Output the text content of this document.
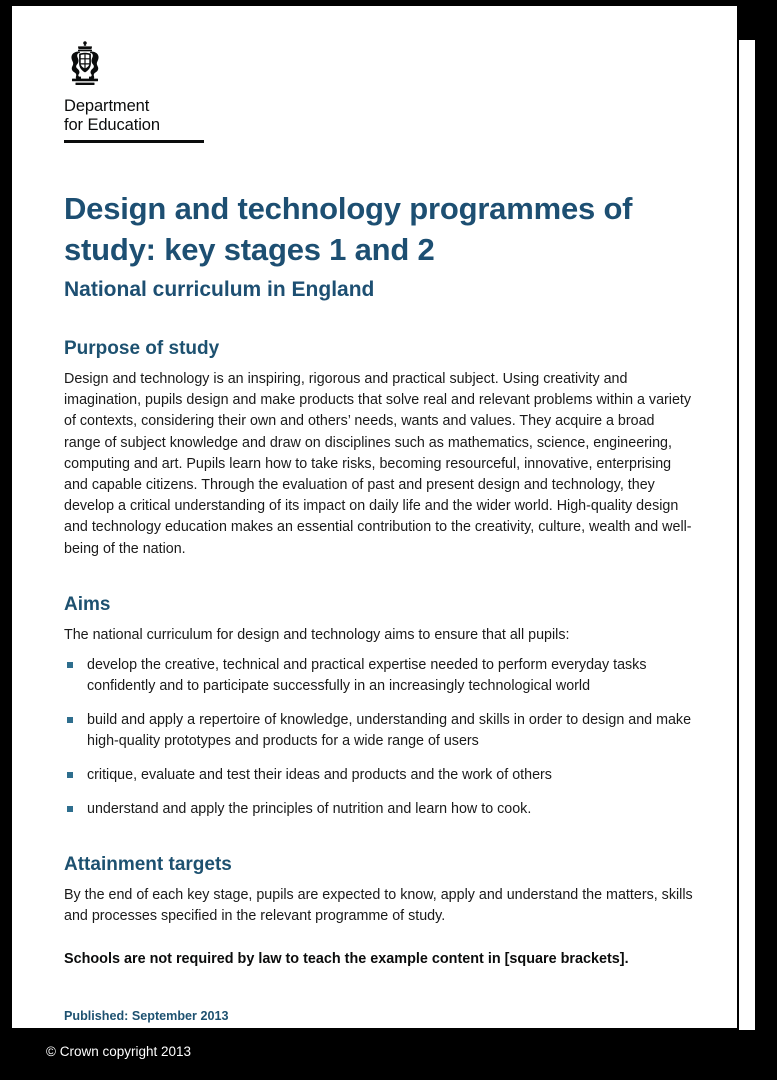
Department
for Education
Design and technology programmes of study: key stages 1 and 2
National curriculum in England
Purpose of study

Design and technology is an inspiring, rigorous and practical subject. Using creativity and imagination, pupils design and make products that solve real and relevant problems within a variety of contexts, considering their own and others’ needs, wants and values. They acquire a broad range of subject knowledge and draw on disciplines such as mathematics, science, engineering, computing and art. Pupils learn how to take risks, becoming resourceful, innovative, enterprising and capable citizens. Through the evaluation of past and present design and technology, they develop a critical understanding of its impact on daily life and the wider world. High-quality design and technology education makes an essential contribution to the creativity, culture, wealth and well-being of the nation.

Aims

The national curriculum for design and technology aims to ensure that all pupils:

develop the creative, technical and practical expertise needed to perform everyday tasks confidently and to participate successfully in an increasingly technological world
build and apply a repertoire of knowledge, understanding and skills in order to design and make high-quality prototypes and products for a wide range of users
critique, evaluate and test their ideas and products and the work of others
understand and apply the principles of nutrition and learn how to cook.
Attainment targets

By the end of each key stage, pupils are expected to know, apply and understand the matters, skills and processes specified in the relevant programme of study.

Schools are not required by law to teach the example content in [square brackets].

Published: September 2013
© Crown copyright 2013
